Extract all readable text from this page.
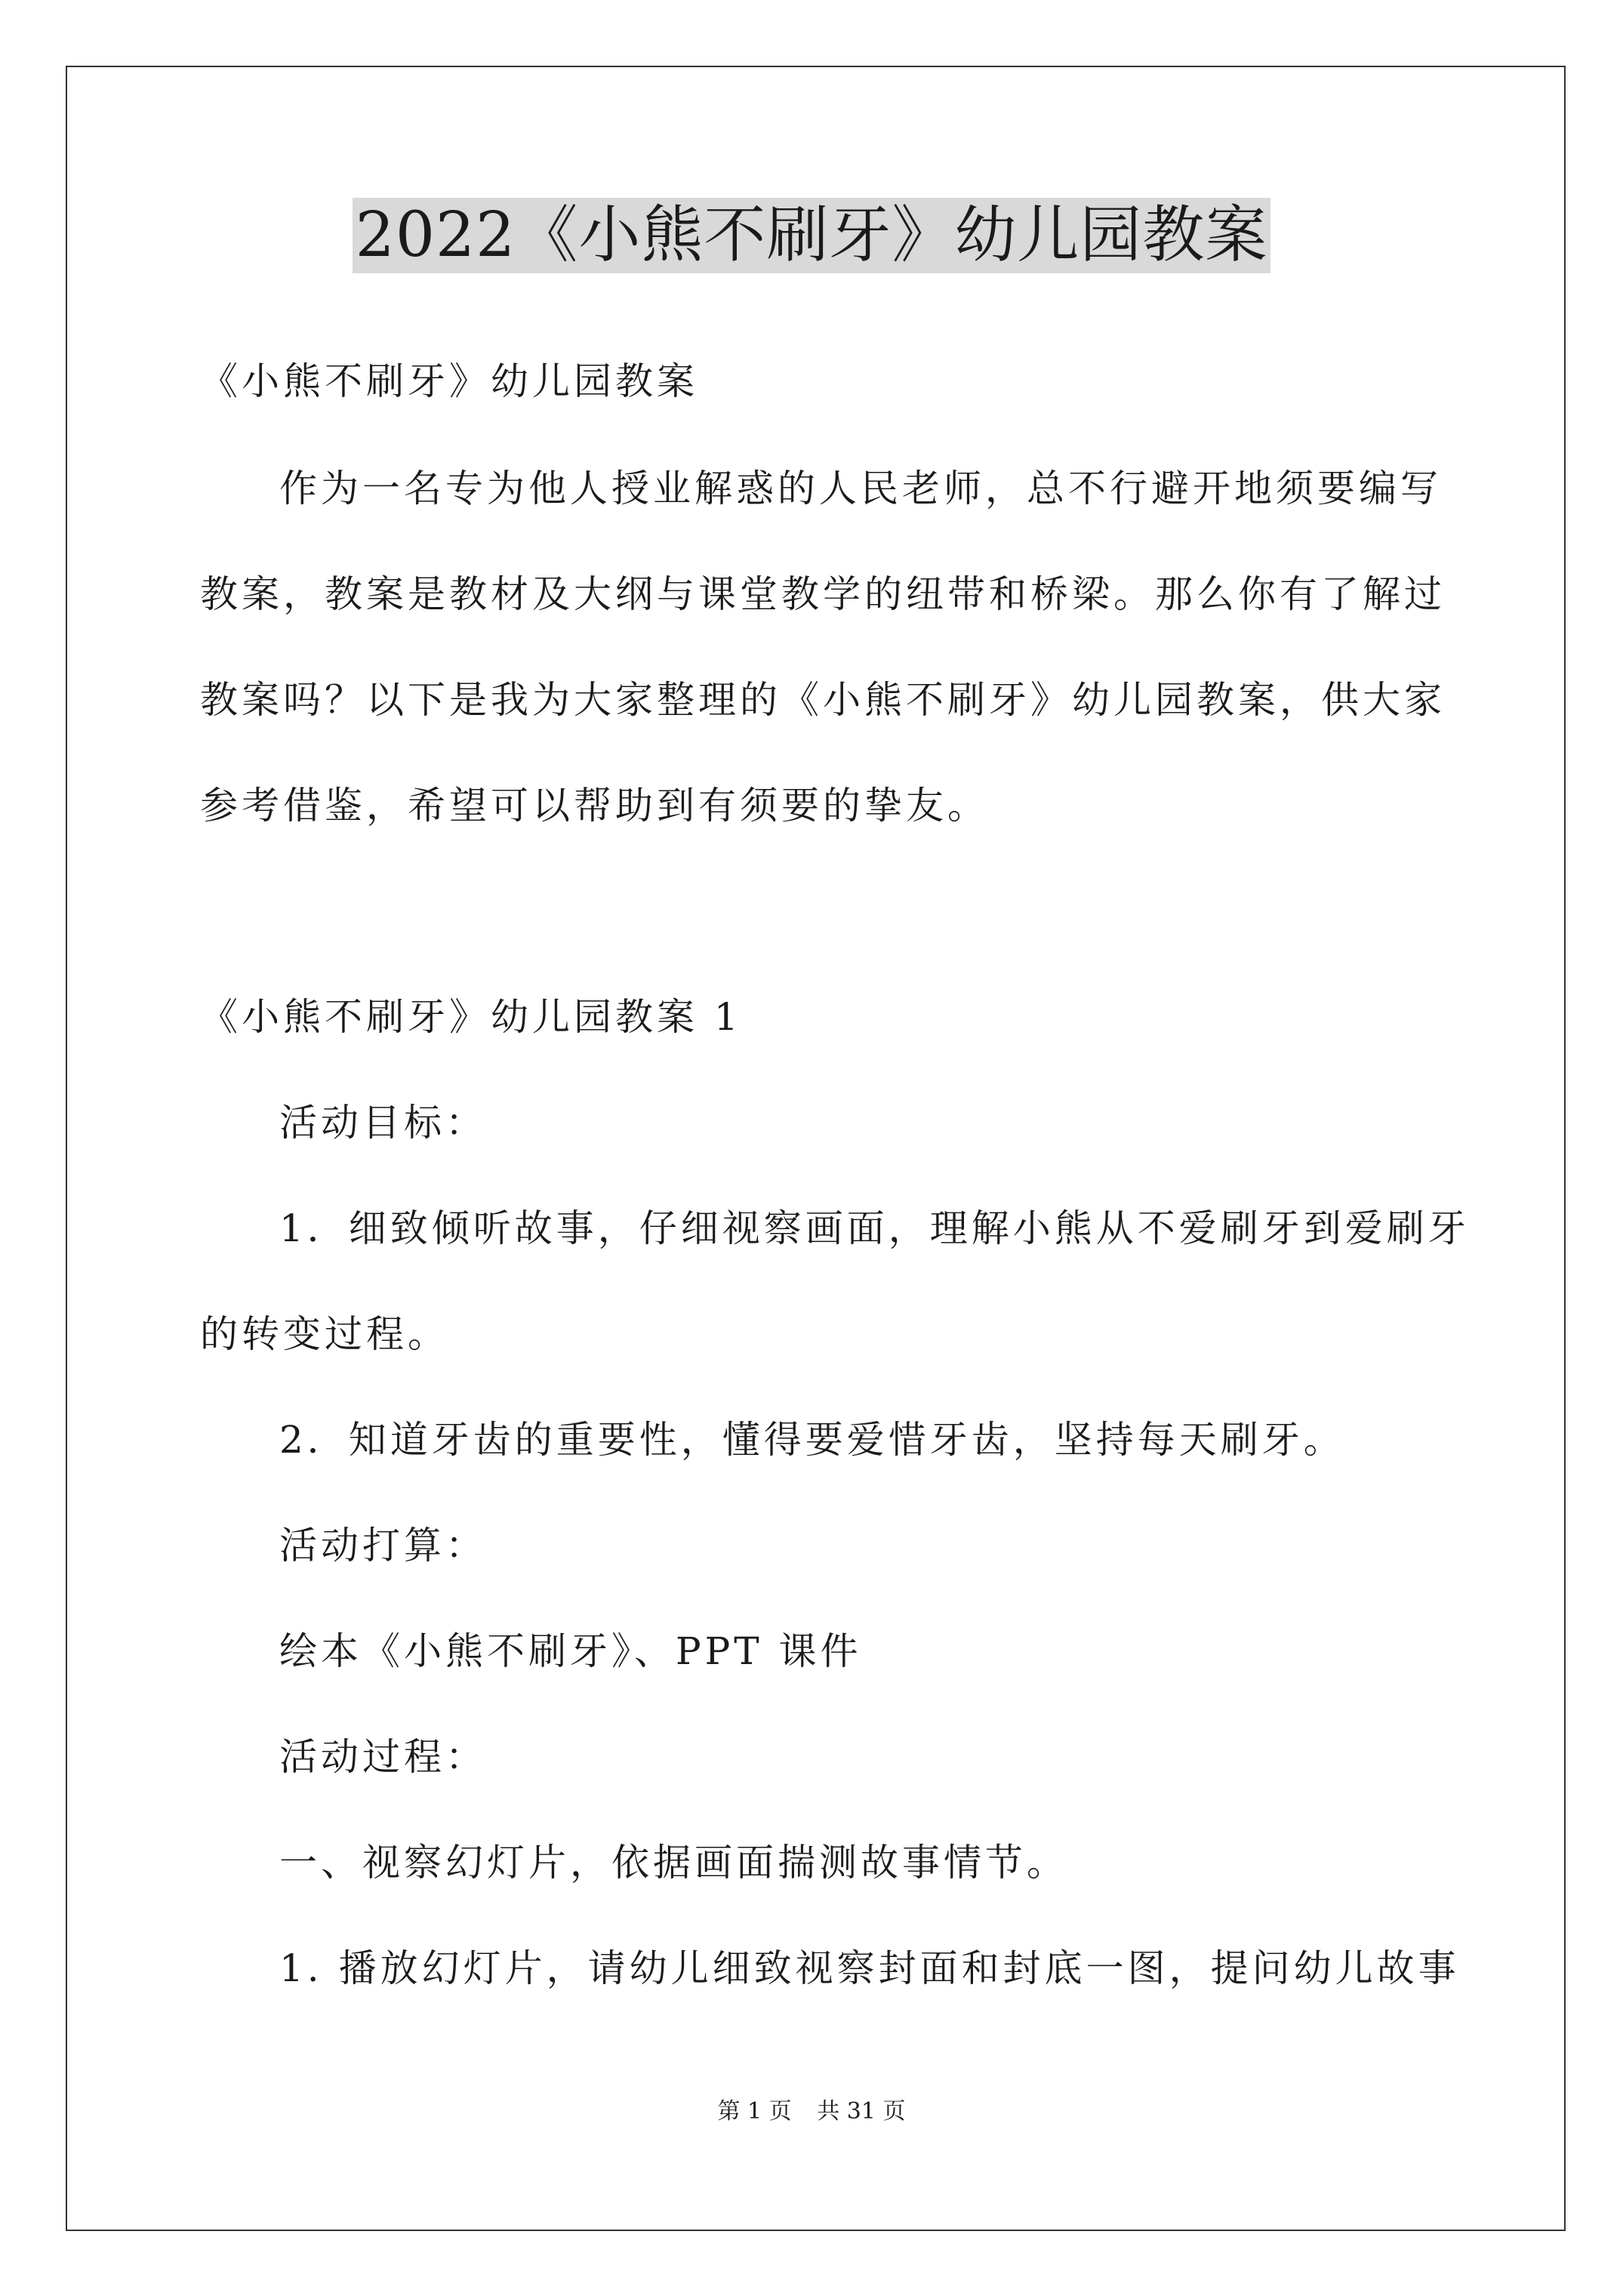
2022《小熊不刷牙》幼儿园教案
《小熊不刷牙》幼儿园教案
作为一名专为他人授业解惑的人民老师，总不行避开地须要编写
教案，教案是教材及大纲与课堂教学的纽带和桥梁。那么你有了解过
教案吗？以下是我为大家整理的《小熊不刷牙》幼儿园教案，供大家
参考借鉴，希望可以帮助到有须要的挚友。
《小熊不刷牙》幼儿园教案 1
活动目标：
1．细致倾听故事，仔细视察画面，理解小熊从不爱刷牙到爱刷牙
的转变过程。
2．知道牙齿的重要性，懂得要爱惜牙齿，坚持每天刷牙。
活动打算：
绘本《小熊不刷牙》、PPT 课件
活动过程：
一、视察幻灯片，依据画面揣测故事情节。
1. 播放幻灯片，请幼儿细致视察封面和封底一图，提问幼儿故事
第 1 页 共 31 页
